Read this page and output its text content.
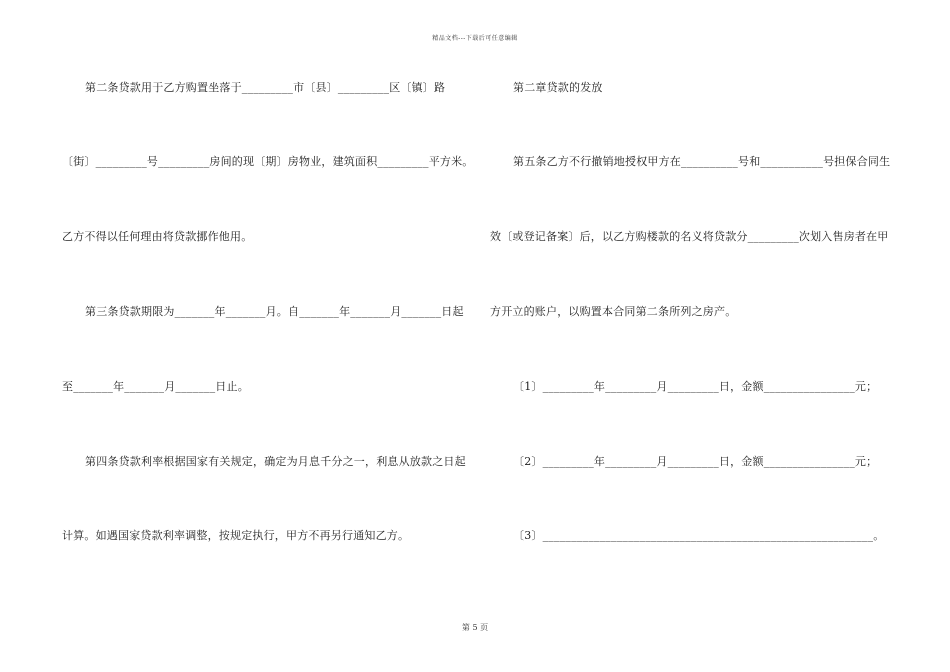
精品文档---下载后可任意编辑
第二条贷款用于乙方购置坐落于_________市〔县〕_________区〔镇〕路
〔街〕_________号_________房间的现〔期〕房物业，建筑面积_________平方米。
乙方不得以任何理由将贷款挪作他用。
第三条贷款期限为_______年_______月。自_______年_______月_______日起
至_______年_______月_______日止。
第四条贷款利率根据国家有关规定，确定为月息千分之一，利息从放款之日起
计算。如遇国家贷款利率调整，按规定执行，甲方不再另行通知乙方。
第二章贷款的发放
第五条乙方不行撤销地授权甲方在__________号和___________号担保合同生
效〔或登记备案〕后，以乙方购楼款的名义将贷款分_________次划入售房者在甲
方开立的账户，以购置本合同第二条所列之房产。
〔1〕_________年_________月_________日，金额________________元；
〔2〕_________年_________月_________日，金额________________元；
〔3〕__________________________________________________________。
第 5 页
